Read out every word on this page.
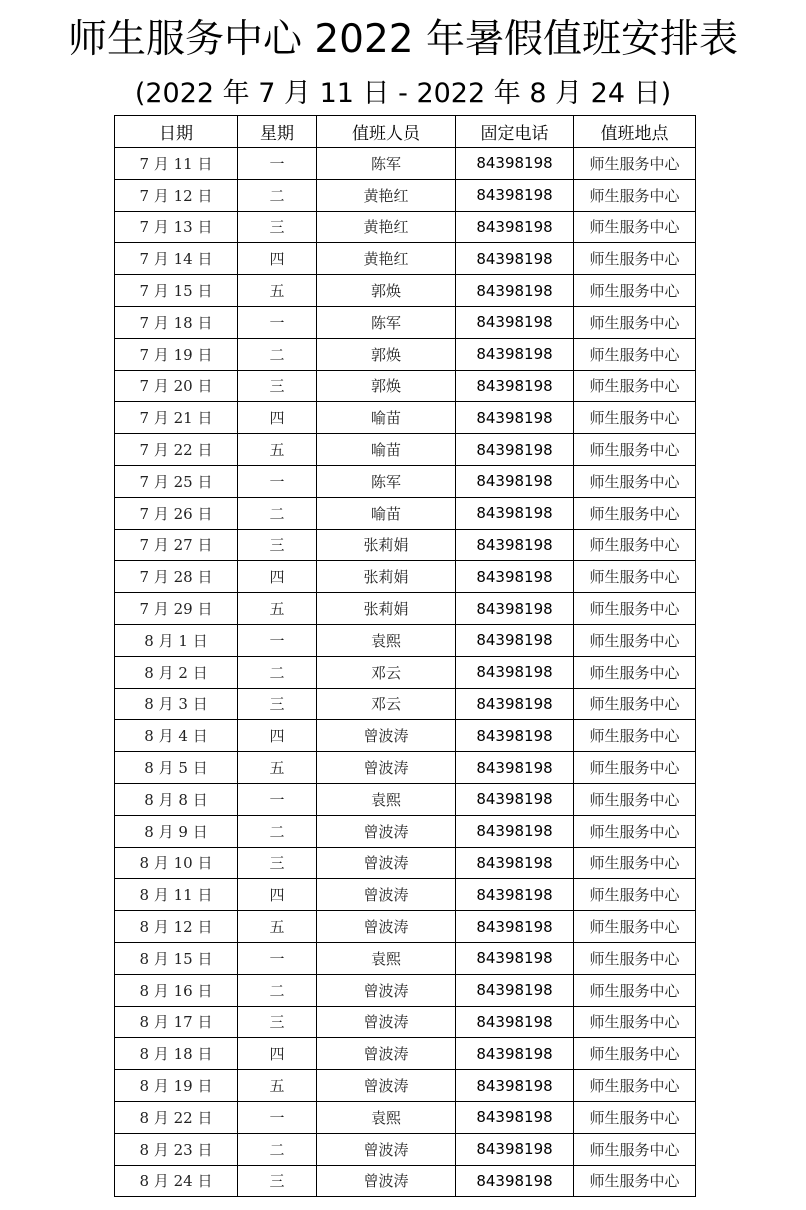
师生服务中心 2022 年暑假值班安排表
(2022 年 7 月 11 日 - 2022 年 8 月 24 日)
日期	星期	值班人员	固定电话	值班地点
7 月 11 日	一	陈军	84398198	师生服务中心
7 月 12 日	二	黄艳红	84398198	师生服务中心
7 月 13 日	三	黄艳红	84398198	师生服务中心
7 月 14 日	四	黄艳红	84398198	师生服务中心
7 月 15 日	五	郭焕	84398198	师生服务中心
7 月 18 日	一	陈军	84398198	师生服务中心
7 月 19 日	二	郭焕	84398198	师生服务中心
7 月 20 日	三	郭焕	84398198	师生服务中心
7 月 21 日	四	喻苗	84398198	师生服务中心
7 月 22 日	五	喻苗	84398198	师生服务中心
7 月 25 日	一	陈军	84398198	师生服务中心
7 月 26 日	二	喻苗	84398198	师生服务中心
7 月 27 日	三	张莉娟	84398198	师生服务中心
7 月 28 日	四	张莉娟	84398198	师生服务中心
7 月 29 日	五	张莉娟	84398198	师生服务中心
8 月 1 日	一	袁熙	84398198	师生服务中心
8 月 2 日	二	邓云	84398198	师生服务中心
8 月 3 日	三	邓云	84398198	师生服务中心
8 月 4 日	四	曾波涛	84398198	师生服务中心
8 月 5 日	五	曾波涛	84398198	师生服务中心
8 月 8 日	一	袁熙	84398198	师生服务中心
8 月 9 日	二	曾波涛	84398198	师生服务中心
8 月 10 日	三	曾波涛	84398198	师生服务中心
8 月 11 日	四	曾波涛	84398198	师生服务中心
8 月 12 日	五	曾波涛	84398198	师生服务中心
8 月 15 日	一	袁熙	84398198	师生服务中心
8 月 16 日	二	曾波涛	84398198	师生服务中心
8 月 17 日	三	曾波涛	84398198	师生服务中心
8 月 18 日	四	曾波涛	84398198	师生服务中心
8 月 19 日	五	曾波涛	84398198	师生服务中心
8 月 22 日	一	袁熙	84398198	师生服务中心
8 月 23 日	二	曾波涛	84398198	师生服务中心
8 月 24 日	三	曾波涛	84398198	师生服务中心
